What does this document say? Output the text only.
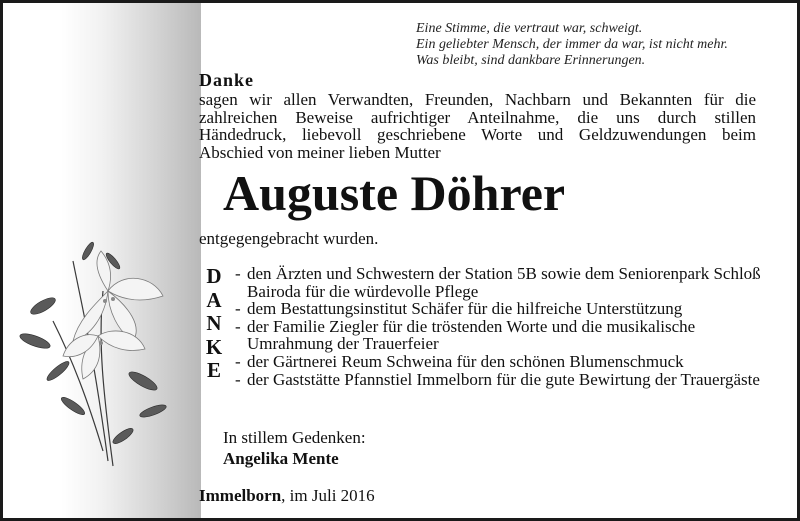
Eine Stimme, die vertraut war, schweigt.
Ein geliebter Mensch, der immer da war, ist nicht mehr.
Was bleibt, sind dankbare Erinnerungen.
Danke
sagen wir allen Verwandten, Freunden, Nachbarn und Bekannten für die
zahlreichen Beweise aufrichtiger Anteilnahme, die uns durch stillen
Händedruck, liebevoll geschriebene Worte und Geldzuwendungen beim
Abschied von meiner lieben Mutter
Auguste Döhrer
entgegengebracht wurden.
D
A
N
K
E
- den Ärzten und Schwestern der Station 5B sowie dem Seniorenpark Schloß Bairoda für die würdevolle Pflege
- dem Bestattungsinstitut Schäfer für die hilfreiche Unterstützung
- der Familie Ziegler für die tröstenden Worte und die musikalische Umrahmung der Trauerfeier
- der Gärtnerei Reum Schweina für den schönen Blumenschmuck
- der Gaststätte Pfannstiel Immelborn für die gute Bewirtung der Trauergäste
In stillem Gedenken:
Angelika Mente
Immelborn, im Juli 2016
